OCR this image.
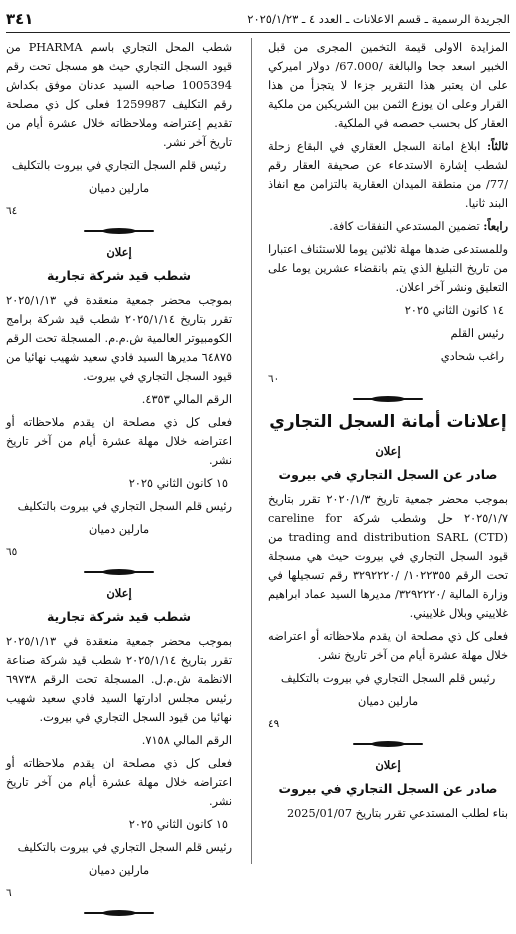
الجريدة الرسمية ـ قسم الاعلانات ـ العدد ٤ ـ ٢٠٢٥/١/٢٣
٣٤١

المزايدة الاولى قيمة التخمين المجرى من قبل الخبير اسعد جحا والبالغة /67.000/ دولار اميركي على ان يعتبر هذا التقرير جزءا لا يتجزأ من هذا القرار وعلى ان يوزع الثمن بين الشريكين من ملكية العقار كل بحسب حصصه في الملكية.

ثالثاً: ابلاغ امانة السجل العقاري في البقاع زحلة لشطب إشارة الاستدعاء عن صحيفة العقار رقم /77/ من منطقة الميدان العقارية بالتزامن مع انفاذ البند ثانيا.

رابعاً: تضمين المستدعي النفقات كافة.

وللمستدعى ضدها مهلة ثلاثين يوما للاستئناف اعتبارا من تاريخ التبليغ الذي يتم بانقضاء عشرين يوما على التعليق ونشر آخر اعلان.

١٤ كانون الثاني ٢٠٢٥

رئيس القلم

راغب شحادي

٦٠
إعلانات أمانة السجل التجاري
إعلان
صادر عن السجل التجاري في بيروت

بموجب محضر جمعية تاريخ ٢٠٢٠/١/٣ تقرر بتاريخ ٢٠٢٥/١/٧ حل وشطب شركة careline for trading and distribution SARL (CTD) من قيود السجل التجاري في بيروت حيث هي مسجلة تحت الرقم ١٠٢٢٣٥٥/ /٣٢٩٢٢٢٠ رقم تسجيلها في وزارة المالية /٣٢٩٢٢٢٠/ مديرها السيد عماد ابراهيم غلاييني وبلال غلاييني.

فعلى كل ذي مصلحة ان يقدم ملاحظاته أو اعتراضه خلال مهلة عشرة أيام من آخر تاريخ نشر.

رئيس قلم السجل التجاري في بيروت بالتكليف

مارلين دميان

٤٩
إعلان
صادر عن السجل التجاري في بيروت

بناء لطلب المستدعي تقرر بتاريخ 2025/01/07

شطب المحل التجاري باسم PHARMA من قيود السجل التجاري حيث هو مسجل تحت رقم 1005394 صاحبه السيد عدنان موفق بكداش رقم التكليف 1259987 فعلى كل ذي مصلحة تقديم إعتراضه وملاحظاته خلال عشرة أيام من تاريخ آخر نشر.

رئيس قلم السجل التجاري في بيروت بالتكليف

مارلين دميان

٦٤
إعلان
شطب قيد شركة تجارية

بموجب محضر جمعية منعقدة في ٢٠٢٥/١/١٣ تقرر بتاريخ ٢٠٢٥/١/١٤ شطب قيد شركة برامج الكومبيوتر العالمية ش.م.م. المسجلة تحت الرقم ٦٤٨٧٥ مديرها السيد فادي سعيد شهيب نهائيا من قيود السجل التجاري في بيروت.

الرقم المالي ٤٣٥٣.

فعلى كل ذي مصلحة ان يقدم ملاحظاته أو اعتراضه خلال مهلة عشرة أيام من آخر تاريخ نشر.

١٥ كانون الثاني ٢٠٢٥

رئيس قلم السجل التجاري في بيروت بالتكليف

مارلين دميان

٦٥
إعلان
شطب قيد شركة تجارية

بموجب محضر جمعية منعقدة في ٢٠٢٥/١/١٣ تقرر بتاريخ ٢٠٢٥/١/١٤ شطب قيد شركة صناعة الانظمة ش.م.ل. المسجلة تحت الرقم ٦٩٧٣٨ رئيس مجلس ادارتها السيد فادي سعيد شهيب نهائيا من قيود السجل التجاري في بيروت.

الرقم المالي ٧١٥٨.

فعلى كل ذي مصلحة ان يقدم ملاحظاته أو اعتراضه خلال مهلة عشرة أيام من آخر تاريخ نشر.

١٥ كانون الثاني ٢٠٢٥

رئيس قلم السجل التجاري في بيروت بالتكليف

مارلين دميان

٦
